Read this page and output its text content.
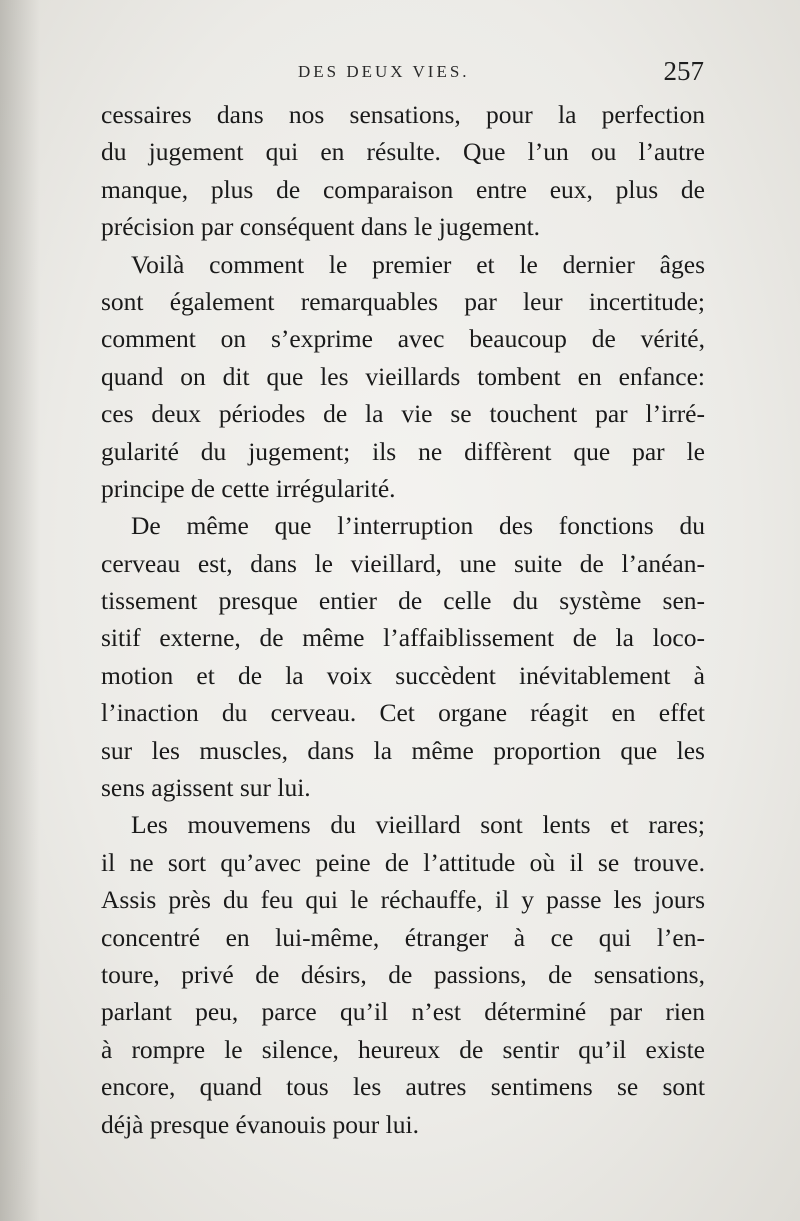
DES DEUX VIES.	257
cessaires dans nos sensations, pour la perfection
du jugement qui en résulte. Que l’un ou l’autre
manque, plus de comparaison entre eux, plus de
précision par conséquent dans le jugement.
Voilà comment le premier et le dernier âges
sont également remarquables par leur incertitude;
comment on s’exprime avec beaucoup de vérité,
quand on dit que les vieillards tombent en enfance:
ces deux périodes de la vie se touchent par l’irré-
gularité du jugement; ils ne diffèrent que par le
principe de cette irrégularité.
De même que l’interruption des fonctions du
cerveau est, dans le vieillard, une suite de l’anéan-
tissement presque entier de celle du système sen-
sitif externe, de même l’affaiblissement de la loco-
motion et de la voix succèdent inévitablement à
l’inaction du cerveau. Cet organe réagit en effet
sur les muscles, dans la même proportion que les
sens agissent sur lui.
Les mouvemens du vieillard sont lents et rares;
il ne sort qu’avec peine de l’attitude où il se trouve.
Assis près du feu qui le réchauffe, il y passe les jours
concentré en lui-même, étranger à ce qui l’en-
toure, privé de désirs, de passions, de sensations,
parlant peu, parce qu’il n’est déterminé par rien
à rompre le silence, heureux de sentir qu’il existe
encore, quand tous les autres sentimens se sont
déjà presque évanouis pour lui.
